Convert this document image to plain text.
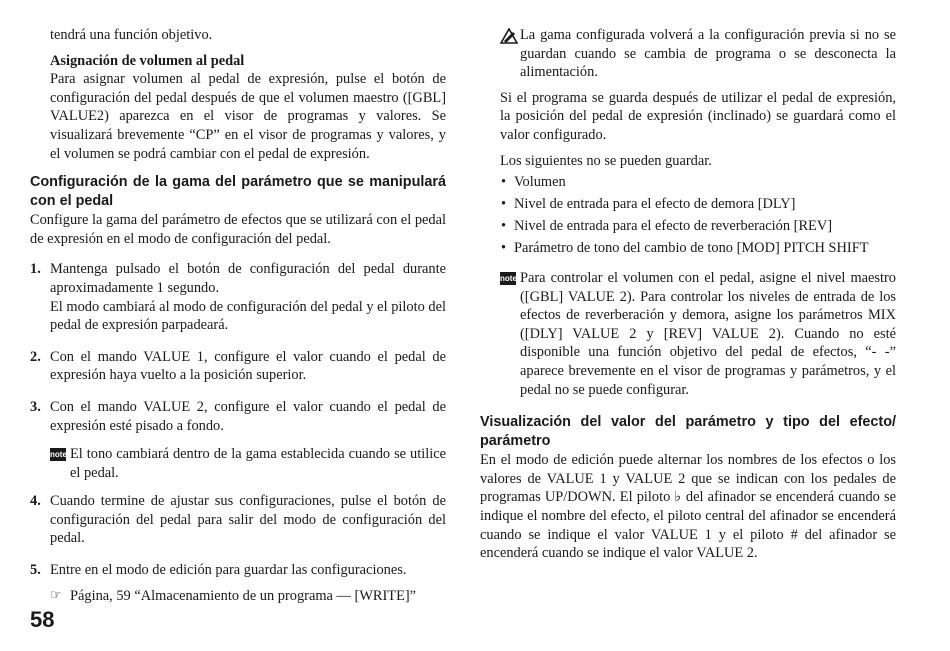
tendrá una función objetivo.

Asignación de volumen al pedal

Para asignar volumen al pedal de expresión, pulse el botón de configuración del pedal después de que el volumen maestro ([GBL] VALUE2) aparezca en el visor de programas y valores. Se visualizará brevemente “CP” en el visor de programas y valores, y el volumen se podrá cambiar con el pedal de expresión.

Configuración de la gama del parámetro que se manipulará con el pedal

Configure la gama del parámetro de efectos que se utilizará con el pedal de expresión en el modo de configuración del pedal.

1. Mantenga pulsado el botón de configuración del pedal durante aproximadamente 1 segundo.

El modo cambiará al modo de configuración del pedal y el piloto del pedal de expresión parpadeará.

2. Con el mando VALUE 1, configure el valor cuando el pedal de expresión haya vuelto a la posición superior.

3. Con el mando VALUE 2, configure el valor cuando el pedal de expresión esté pisado a fondo.

note El tono cambiará dentro de la gama establecida cuando se utilice el pedal.

4. Cuando termine de ajustar sus configuraciones, pulse el botón de configuración del pedal para salir del modo de configuración del pedal.

5. Entre en el modo de edición para guardar las configuraciones.

☞ Página, 59 “Almacenamiento de un programa — [WRITE]”

58

La gama configurada volverá a la configuración previa si no se guardan cuando se cambia de programa o se desconecta la alimentación.

Si el programa se guarda después de utilizar el pedal de expresión, la posición del pedal de expresión (inclinado) se guardará como el valor configurado.

Los siguientes no se pueden guardar.

• Volumen
• Nivel de entrada para el efecto de demora [DLY]
• Nivel de entrada para el efecto de reverberación [REV]
• Parámetro de tono del cambio de tono [MOD] PITCH SHIFT
note Para controlar el volumen con el pedal, asigne el nivel maestro ([GBL] VALUE 2). Para controlar los niveles de entrada de los efectos de reverberación y demora, asigne los parámetros MIX ([DLY] VALUE 2 y [REV] VALUE 2). Cuando no esté disponible una función objetivo del pedal de efectos, “- -” aparece brevemente en el visor de programas y parámetros, y el pedal no se puede configurar.

Visualización del valor del parámetro y tipo del efecto/ parámetro

En el modo de edición puede alternar los nombres de los efectos o los valores de VALUE 1 y VALUE 2 que se indican con los pedales de programas UP/DOWN. El piloto ♭ del afinador se encenderá cuando se indique el nombre del efecto, el piloto central del afinador se encenderá cuando se indique el valor VALUE 1 y el piloto # del afinador se encenderá cuando se indique el valor VALUE 2.
